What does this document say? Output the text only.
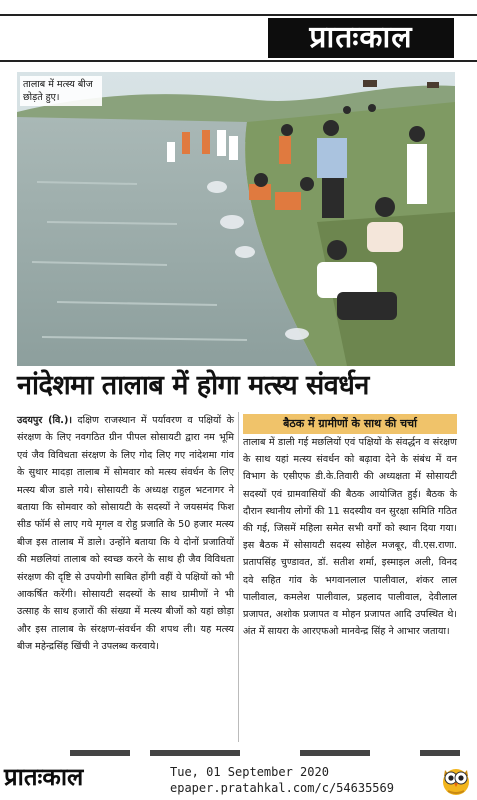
प्रातःकाल
तालाब में मत्स्य बीज छोड़ते हुए।
नांदेशमा तालाब में होगा मत्स्य संवर्धन
उदयपुर (वि.)। दक्षिण राजस्थान में पर्यावरण व पक्षियों के संरक्षण के लिए नवगठित ग्रीन पीपल सोसायटी द्वारा नम भूमि एवं जैव विविधता संरक्षण के लिए गोद लिए गए नांदेशमा गांव के सुथार मादड़ा तालाब में सोमवार को मत्स्य संवर्धन के लिए मत्स्य बीज डाले गये। सोसायटी के अध्यक्ष राहुल भटनागर ने बताया कि सोमवार को सोसायटी के सदस्यों ने जयसमंद फिश सीड फॉर्म से लाए गये मृगल व रोहु प्रजाति के 50 हजार मत्स्य बीज इस तालाब में डाले। उन्होंने बताया कि ये दोनों प्रजातियों की मछलियां तालाब को स्वच्छ करने के साथ ही जैव विविधता संरक्षण की दृष्टि से उपयोगी साबित होंगी वहीं ये पक्षियों को भी आकर्षित करेंगी। सोसायटी सदस्यों के साथ ग्रामीणों ने भी उत्साह के साथ हजारों की संख्या में मत्स्य बीजों को यहां छोड़ा और इस तालाब के संरक्षण-संवर्धन की शपथ ली। यह मत्स्य बीज महेन्द्रसिंह खिंची ने उपलब्ध करवाये।
बैठक में ग्रामीणों के साथ की चर्चा
तालाब में डाली गई मछलियों एवं पक्षियों के संवर्द्धन व संरक्षण के साथ यहां मत्स्य संवर्धन को बढ़ावा देने के संबंध में वन विभाग के एसीएफ डी.के.तिवारी की अध्यक्षता में सोसायटी सदस्यों एवं ग्रामवासियों की बैठक आयोजित हुई। बैठक के दौरान स्थानीय लोगों की 11 सदस्यीय वन सुरक्षा समिति गठित की गई, जिसमें महिला समेत सभी वर्गों को स्थान दिया गया। इस बैठक में सोसायटी सदस्य सोहेल मजबूर, वी.एस.राणा. प्रतापसिंह चुण्डावत, डॉ. सतीश शर्मा, इस्माइल अली, विनद दवे सहित गांव के भगवानलाल पालीवाल, शंकर लाल पालीवाल, कमलेश पालीवाल, प्रहलाद पालीवाल, देवीलाल प्रजापत, अशोक प्रजापत व मोहन प्रजापत आदि उपस्थित थे। अंत में सायरा के आरएफओ मानवेन्द्र सिंह ने आभार जताया।
प्रातःकाल	Tue, 01 September 2020
epaper.pratahkal.com/c/54635569
